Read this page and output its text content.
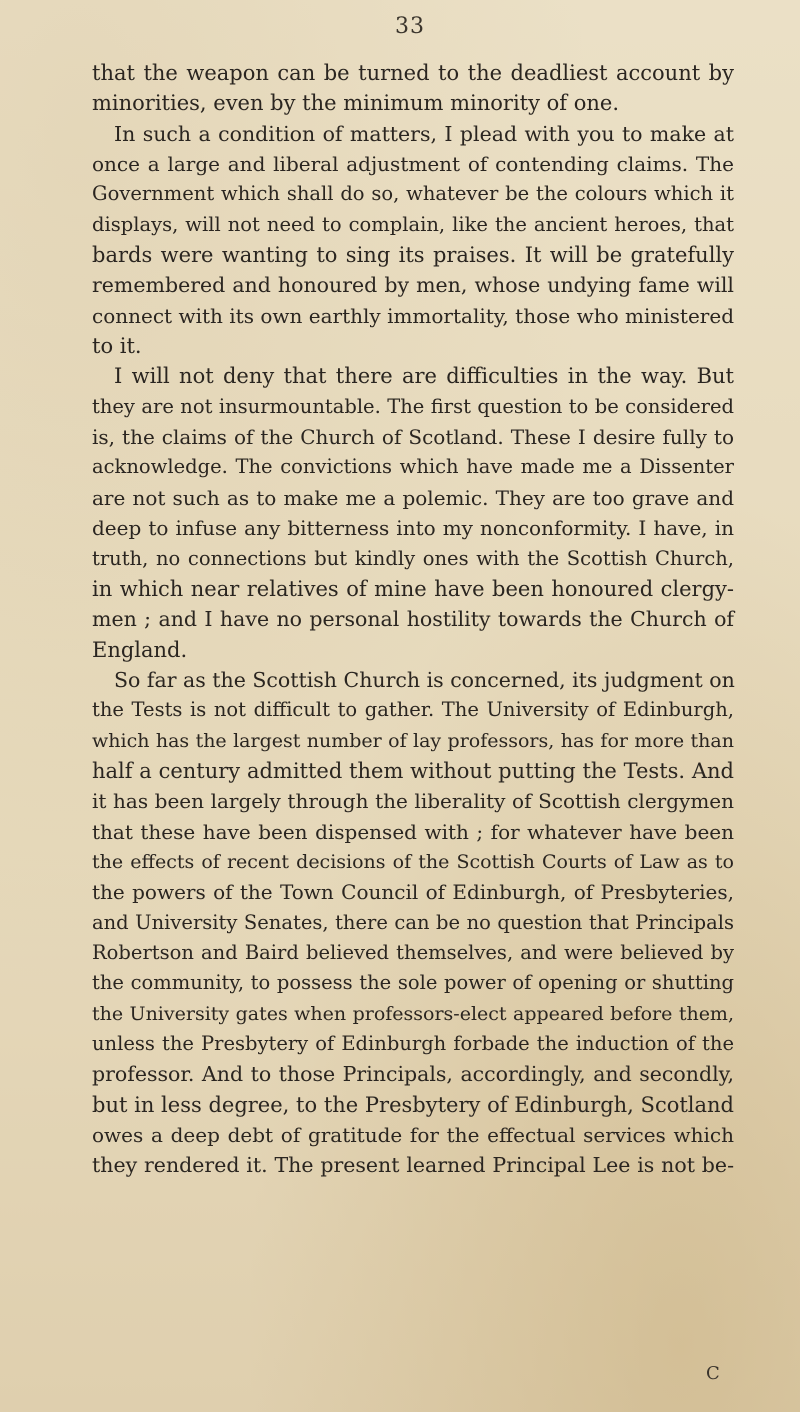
33
that the weapon can be turned to the deadliest account by
minorities, even by the minimum minority of one.
In such a condition of matters, I plead with you to make at
once a large and liberal adjustment of contending claims. The
Government which shall do so, whatever be the colours which it
displays, will not need to complain, like the ancient heroes, that
bards were wanting to sing its praises. It will be gratefully
remembered and honoured by men, whose undying fame will
connect with its own earthly immortality, those who ministered
to it.
I will not deny that there are difficulties in the way. But
they are not insurmountable. The first question to be considered
is, the claims of the Church of Scotland. These I desire fully to
acknowledge. The convictions which have made me a Dissenter
are not such as to make me a polemic. They are too grave and
deep to infuse any bitterness into my nonconformity. I have, in
truth, no connections but kindly ones with the Scottish Church,
in which near relatives of mine have been honoured clergy-
men ; and I have no personal hostility towards the Church of
England.
So far as the Scottish Church is concerned, its judgment on
the Tests is not difficult to gather. The University of Edinburgh,
which has the largest number of lay professors, has for more than
half a century admitted them without putting the Tests. And
it has been largely through the liberality of Scottish clergymen
that these have been dispensed with ; for whatever have been
the effects of recent decisions of the Scottish Courts of Law as to
the powers of the Town Council of Edinburgh, of Presbyteries,
and University Senates, there can be no question that Principals
Robertson and Baird believed themselves, and were believed by
the community, to possess the sole power of opening or shutting
the University gates when professors-elect appeared before them,
unless the Presbytery of Edinburgh forbade the induction of the
professor. And to those Principals, accordingly, and secondly,
but in less degree, to the Presbytery of Edinburgh, Scotland
owes a deep debt of gratitude for the effectual services which
they rendered it. The present learned Principal Lee is not be-
C
